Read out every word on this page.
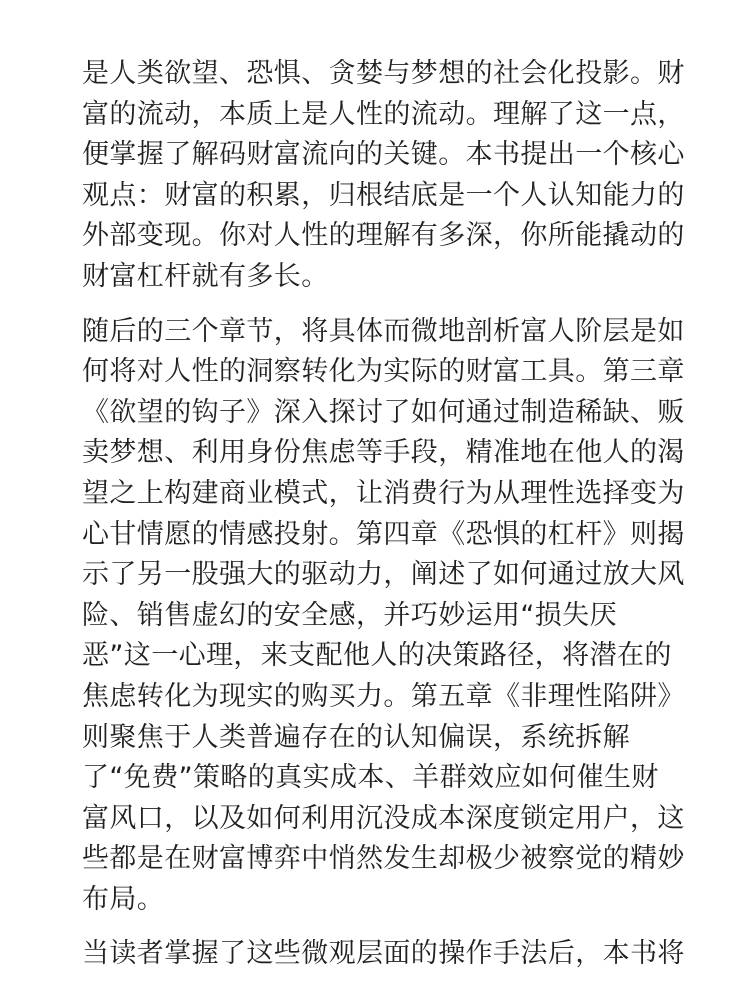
是人类欲望、恐惧、贪婪与梦想的社会化投影。财
富的流动，本质上是人性的流动。理解了这一点，
便掌握了解码财富流向的关键。本书提出一个核心
观点：财富的积累，归根结底是一个人认知能力的
外部变现。你对人性的理解有多深，你所能撬动的
财富杠杆就有多长。
随后的三个章节，将具体而微地剖析富人阶层是如
何将对人性的洞察转化为实际的财富工具。第三章
《欲望的钩子》深入探讨了如何通过制造稀缺、贩
卖梦想、利用身份焦虑等手段，精准地在他人的渴
望之上构建商业模式，让消费行为从理性选择变为
心甘情愿的情感投射。第四章《恐惧的杠杆》则揭
示了另一股强大的驱动力，阐述了如何通过放大风
险、销售虚幻的安全感，并巧妙运用“损失厌
恶”这一心理，来支配他人的决策路径，将潜在的
焦虑转化为现实的购买力。第五章《非理性陷阱》
则聚焦于人类普遍存在的认知偏误，系统拆解
了“免费”策略的真实成本、羊群效应如何催生财
富风口，以及如何利用沉没成本深度锁定用户，这
些都是在财富博弈中悄然发生却极少被察觉的精妙
布局。
当读者掌握了这些微观层面的操作手法后，本书将
